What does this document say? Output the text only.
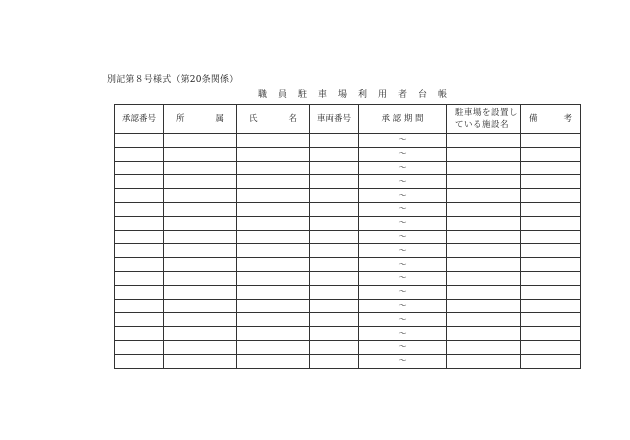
別記第８号様式（第20条関係）
職 員 駐 車 場 利 用 者 台 帳
承認番号	所 属	氏 名	車両番号	承 認 期 間	駐車場を設置し
ている施設名	備 考

				～		
				～		
				～		
				～		
				～		
				～		
				～		
				～		
				～		
				～		
				～		
				～		
				～		
				～		
				～		
				～		
				～		
